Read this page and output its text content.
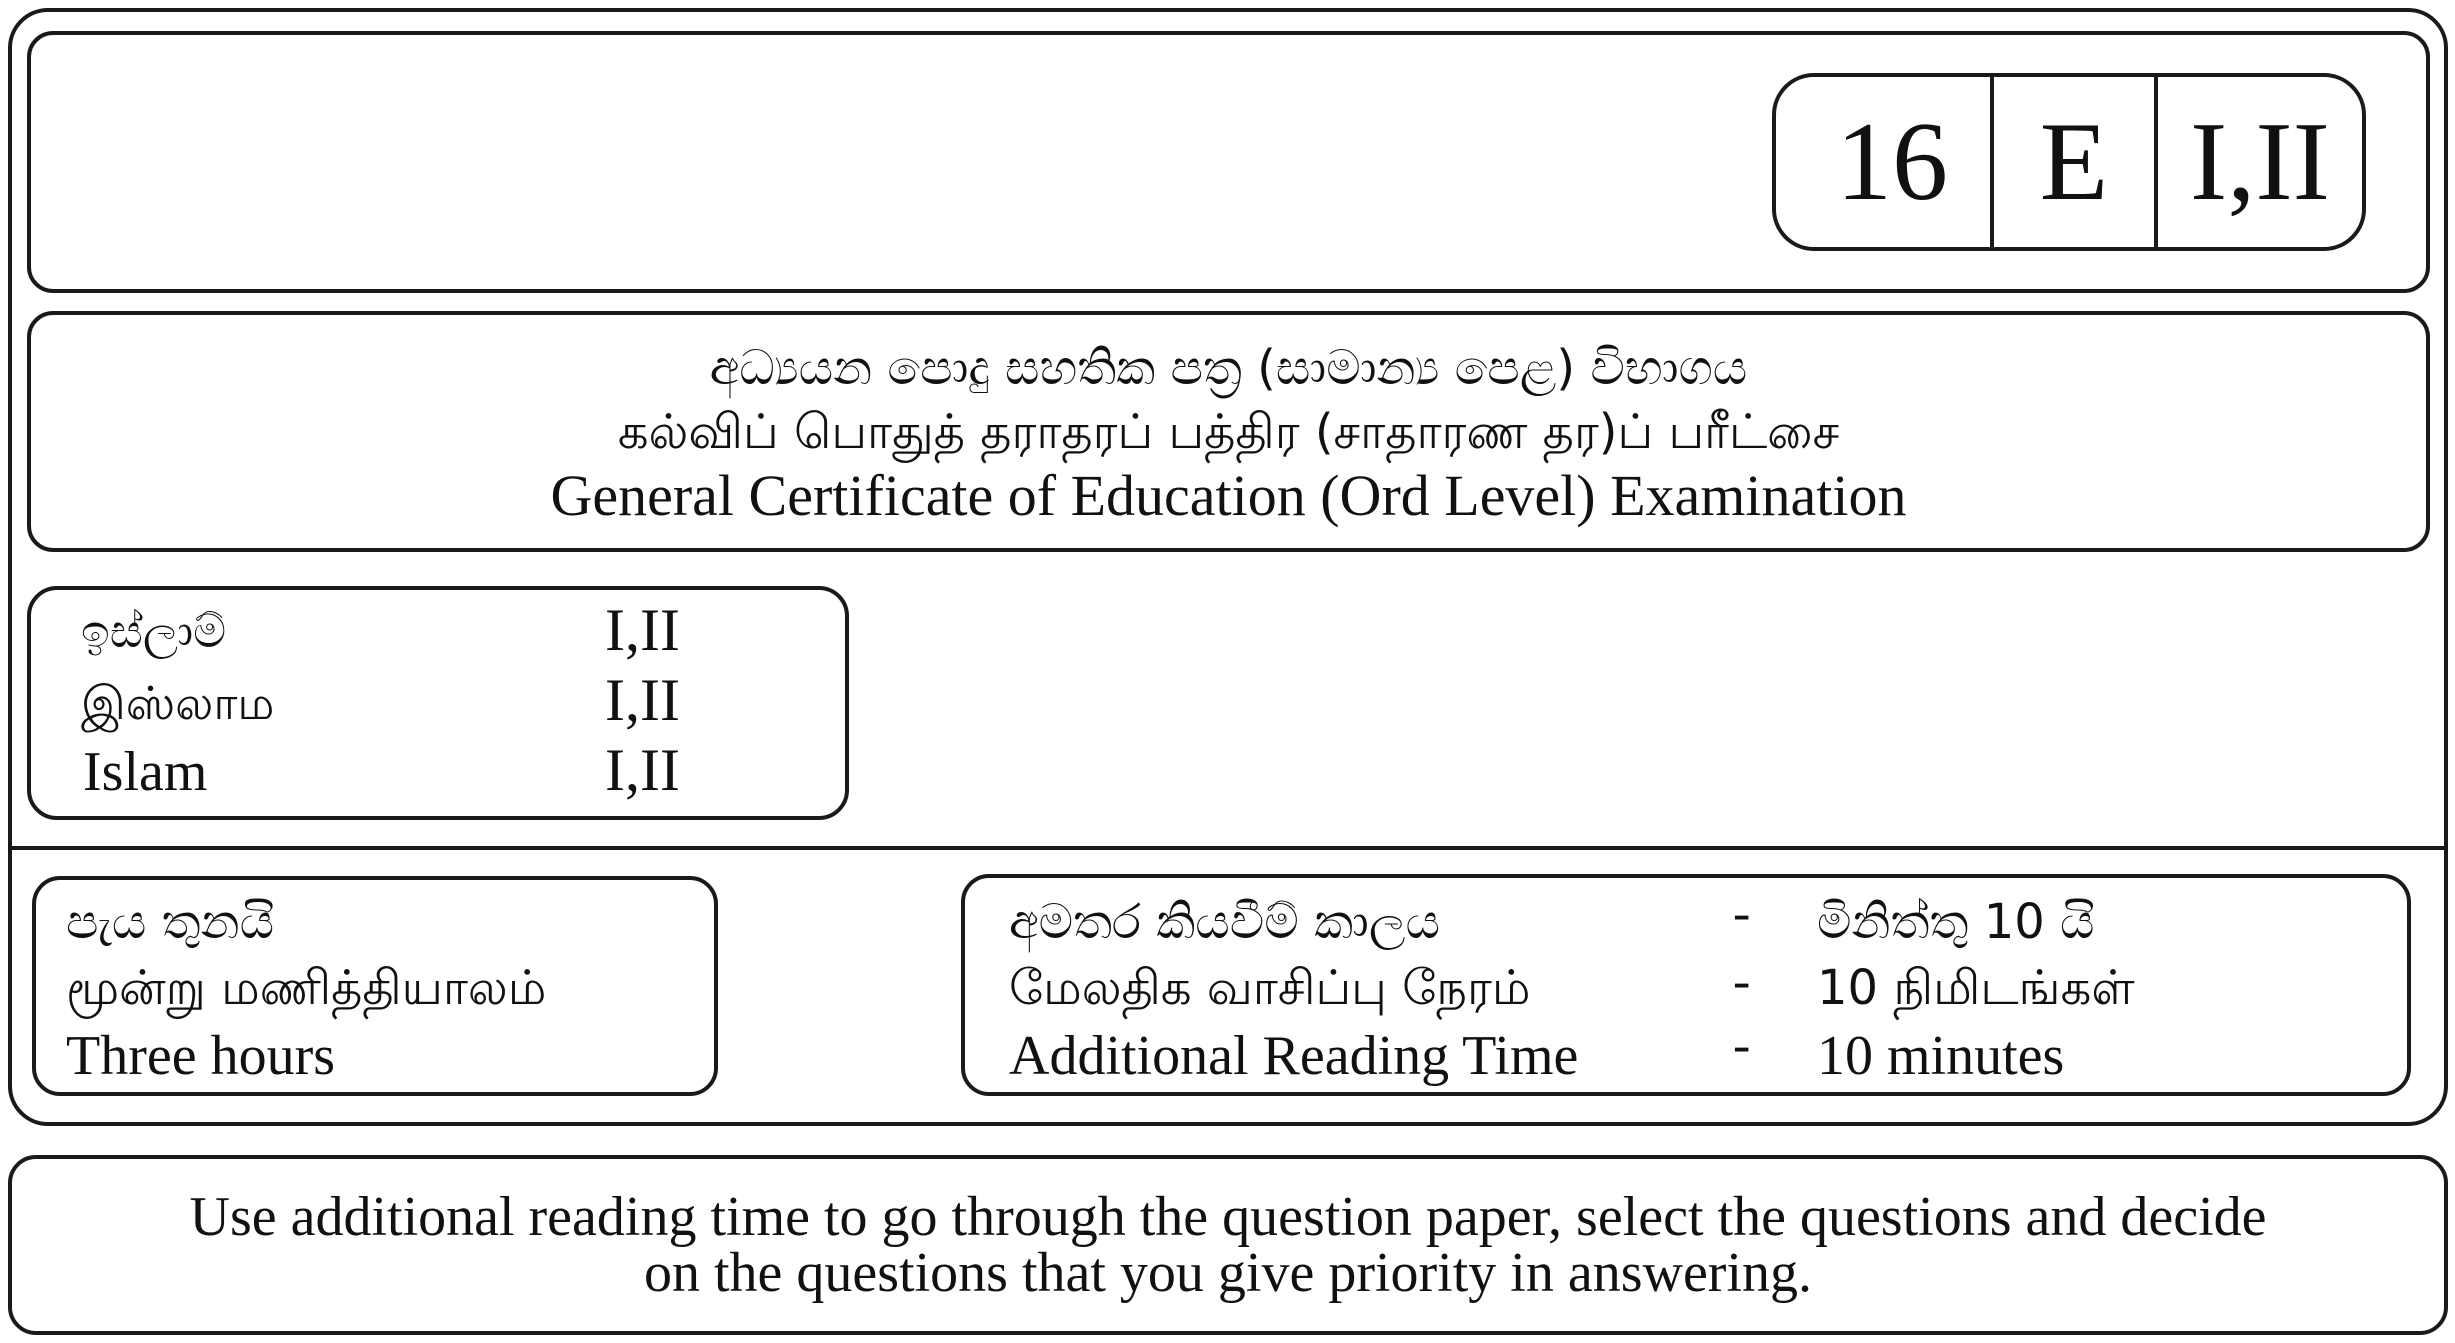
16 E I,II
අධ්‍යයන පොදු සහතික පත්‍ර (සාමාන්‍ය පෙළ) විභාගය
கல்விப் பொதுத் தராதரப் பத்திர (சாதாரண தர)ப் பரீட்சை
General Certificate of Education (Ord Level) Examination
ඉස්ලාම්	I,II
இஸ்லாம	I,II
Islam	I,II
පැය තුනයි
மூன்று மணித்தியாலம்
Three hours
අමතර කියවීම් කාලය	- මිනිත්තු 10 යි
மேலதிக வாசிப்பு நேரம்	- 10 நிமிடங்கள்
Additional Reading Time	- 10 minutes
Use additional reading time to go through the question paper, select the questions and decide
on the questions that you give priority in answering.
